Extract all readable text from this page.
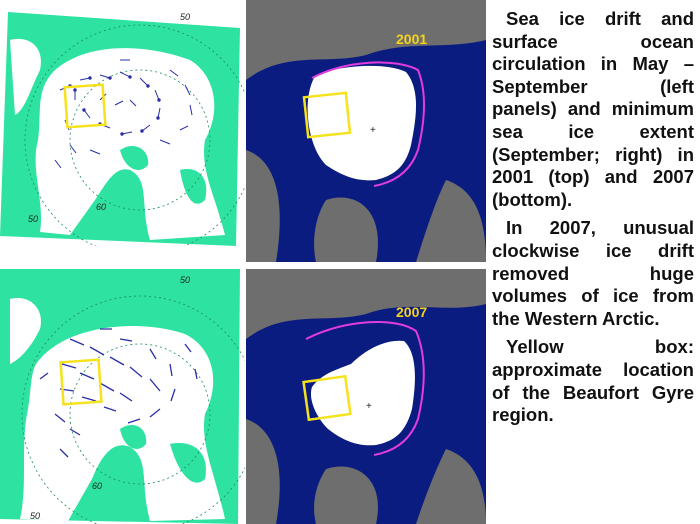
50
60
50
+
2001
50
60
50
+
2007

Sea ice drift and surface ocean circulation in May – September (left panels) and minimum sea ice extent (September; right) in 2001 (top) and 2007 (bottom).

In 2007, unusual clockwise ice drift removed huge volumes of ice from the Western Arctic.

Yellow box: approximate location of the Beaufort Gyre region.
